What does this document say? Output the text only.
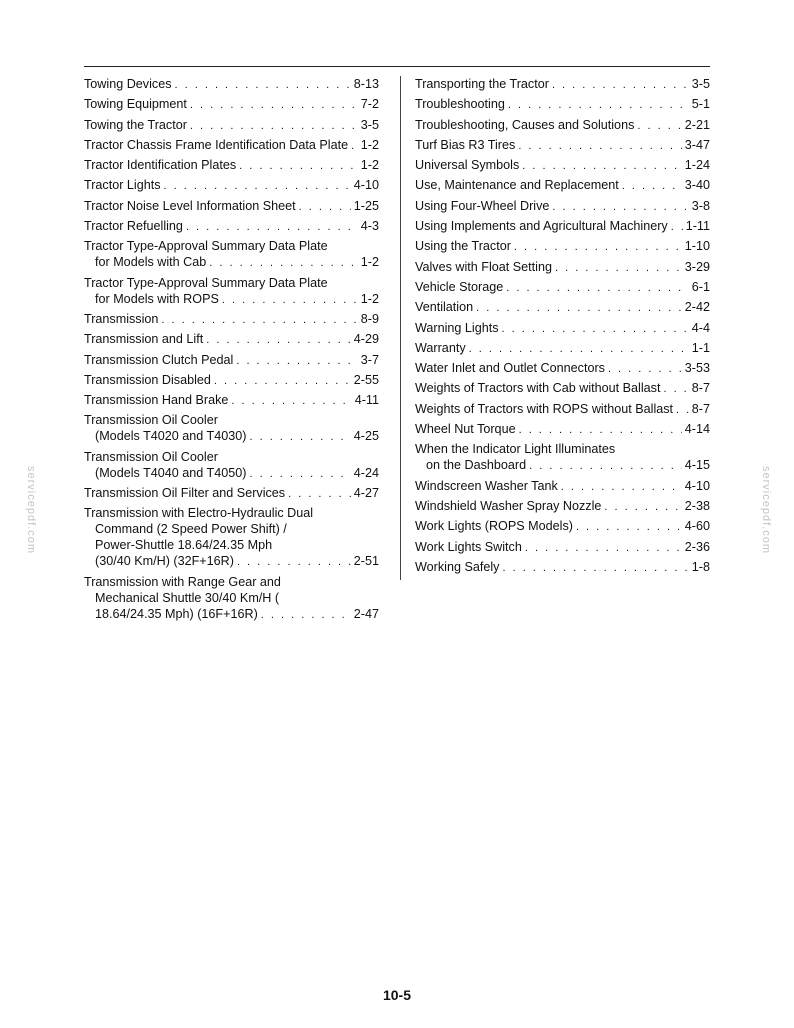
Towing Devices . . .	8-13
Towing Equipment . . .	7-2
Towing the Tractor . . .	3-5
Tractor Chassis Frame Identification Data Plate . . . 1-2
Tractor Identification Plates . . .	1-2
Tractor Lights . . .	4-10
Tractor Noise Level Information Sheet . . .	1-25
Tractor Refuelling . . .	4-3
Tractor Type-Approval Summary Data Plate
for Models with Cab . . .	1-2
Tractor Type-Approval Summary Data Plate
for Models with ROPS . . .	1-2
Transmission . . .	8-9
Transmission and Lift . . .	4-29
Transmission Clutch Pedal . . .	3-7
Transmission Disabled . . .	2-55
Transmission Hand Brake . . .	4-11
Transmission Oil Cooler
(Models T4020 and T4030) . . .	4-25
Transmission Oil Cooler
(Models T4040 and T4050) . . .	4-24
Transmission Oil Filter and Services . . .	4-27
Transmission with Electro-Hydraulic Dual
Command (2 Speed Power Shift) /
Power-Shuttle 18.64/24.35 Mph
(30/40 Km/H) (32F+16R) . . .	2-51
Transmission with Range Gear and
Mechanical Shuttle 30/40 Km/H (
18.64/24.35 Mph) (16F+16R) . . .	2-47
Transporting the Tractor . . .	3-5
Troubleshooting . . .	5-1
Troubleshooting, Causes and Solutions . . .	2-21
Turf Bias R3 Tires . . .	3-47
Universal Symbols . . .	1-24
Use, Maintenance and Replacement . . .	3-40
Using Four-Wheel Drive . . .	3-8
Using Implements and Agricultural Machinery . . . 1-11
Using the Tractor . . .	1-10
Valves with Float Setting . . .	3-29
Vehicle Storage . . .	6-1
Ventilation . . .	2-42
Warning Lights . . .	4-4
Warranty . . .	1-1
Water Inlet and Outlet Connectors . . .	3-53
Weights of Tractors with Cab without Ballast . . . 8-7
Weights of Tractors with ROPS without Ballast . . . 8-7
Wheel Nut Torque . . .	4-14
When the Indicator Light Illuminates
on the Dashboard . . .	4-15
Windscreen Washer Tank . . .	4-10
Windshield Washer Spray Nozzle . . .	2-38
Work Lights (ROPS Models) . . .	4-60
Work Lights Switch . . .	2-36
Working Safely . . .	1-8
servicepdf.com	servicepdf.com
10-5
